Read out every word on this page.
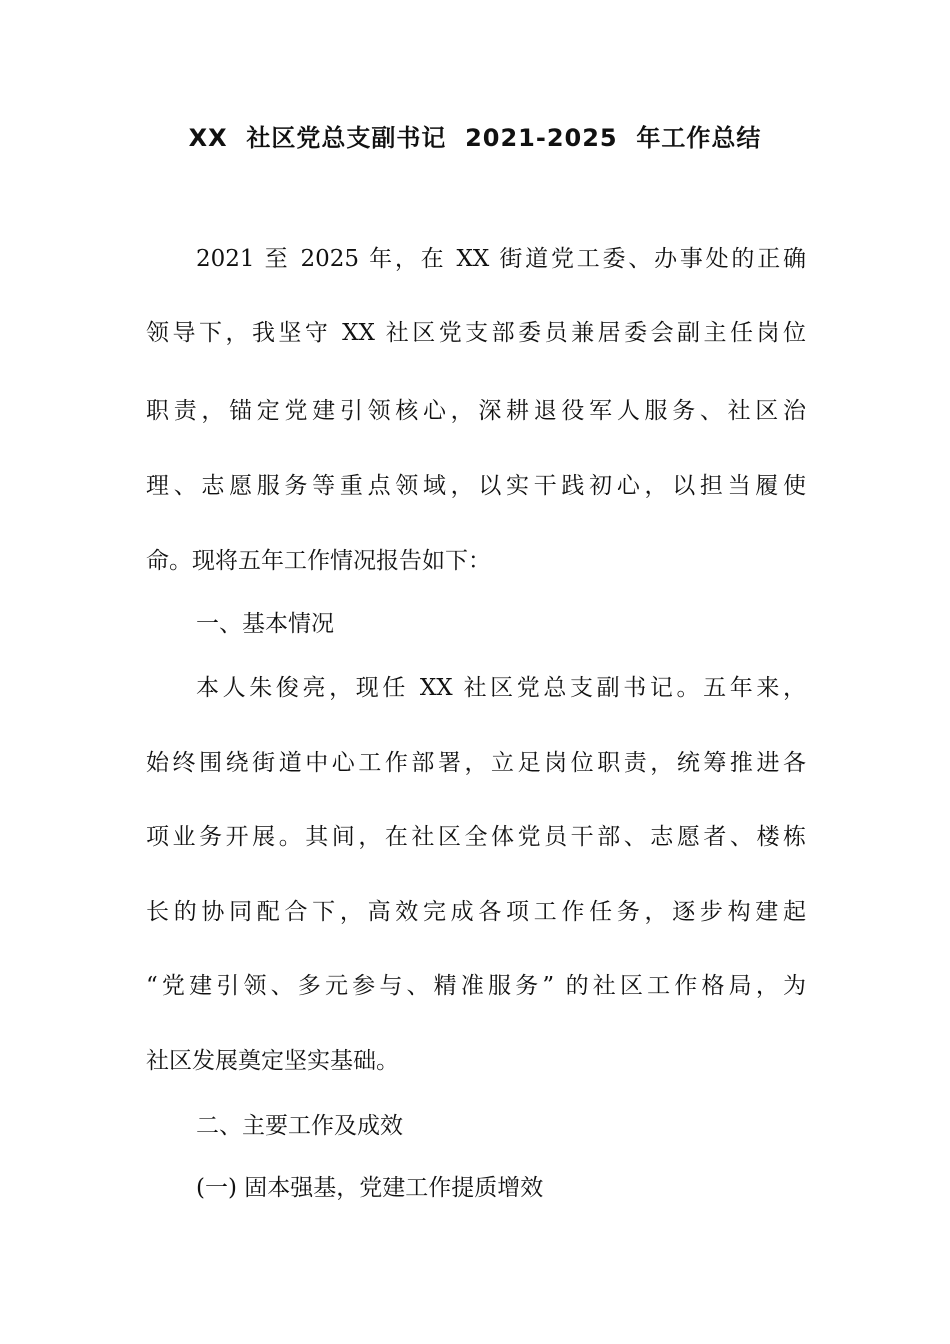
XX  社区党总支副书记  2021-2025  年工作总结
2021 至 2025 年，在 XX 街道党工委、办事处的正确
领导下，我坚守 XX 社区党支部委员兼居委会副主任岗位
职责，锚定党建引领核心，深耕退役军人服务、社区治
理、志愿服务等重点领域，以实干践初心，以担当履使
命。现将五年工作情况报告如下：
一、基本情况
本人朱俊亮，现任 XX 社区党总支副书记。五年来，
始终围绕街道中心工作部署，立足岗位职责，统筹推进各
项业务开展。其间，在社区全体党员干部、志愿者、楼栋
长的协同配合下，高效完成各项工作任务，逐步构建起
“党建引领、多元参与、精准服务” 的社区工作格局，为
社区发展奠定坚实基础。
二、主要工作及成效
(一) 固本强基，党建工作提质增效
